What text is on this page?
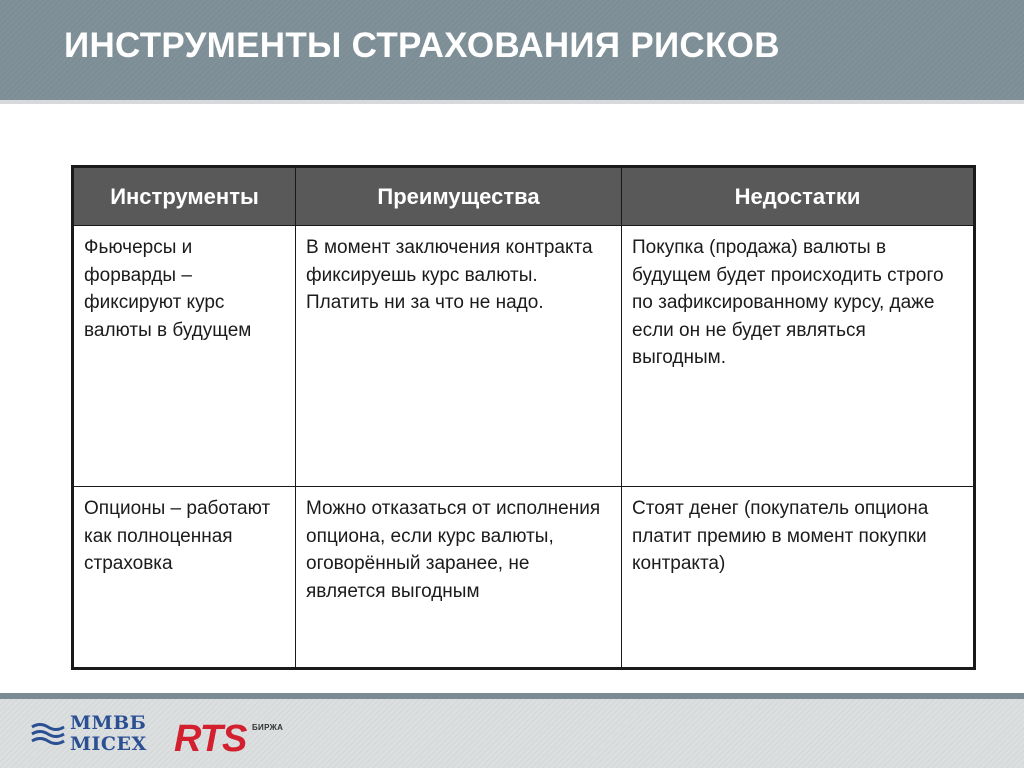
ИНСТРУМЕНТЫ СТРАХОВАНИЯ РИСКОВ
Инструменты	Преимущества	Недостатки
Фьючерсы и форварды – фиксируют курс валюты в будущем	В момент заключения контракта фиксируешь курс валюты. Платить ни за что не надо.	Покупка (продажа) валюты в будущем будет происходить строго по зафиксированному курсу, даже если он не будет являться выгодным.
Опционы – работают как полноценная страховка	Можно отказаться от исполнения опциона, если курс валюты, оговорённый заранее, не является выгодным	Стоят денег (покупатель опциона платит премию в момент покупки контракта)
ММВБ
MICEX RTS БИРЖА
